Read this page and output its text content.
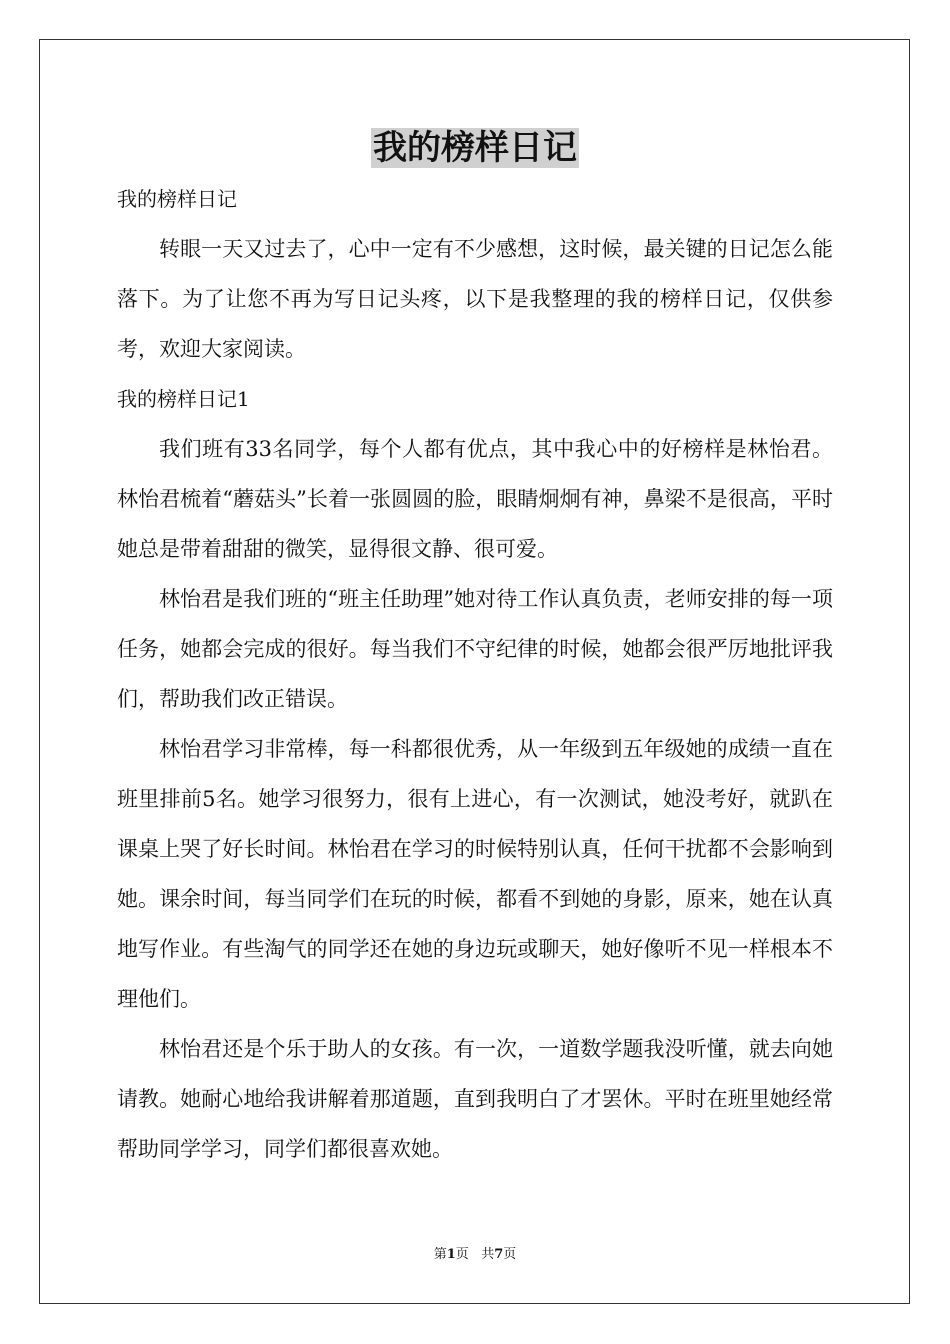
我的榜样日记

我的榜样日记

转眼一天又过去了，心中一定有不少感想，这时候，最关键的日记怎么能落下。为了让您不再为写日记头疼，以下是我整理的我的榜样日记，仅供参考，欢迎大家阅读。

我的榜样日记1

我们班有33名同学，每个人都有优点，其中我心中的好榜样是林怡君。林怡君梳着“蘑菇头”长着一张圆圆的脸，眼睛炯炯有神，鼻梁不是很高，平时她总是带着甜甜的微笑，显得很文静、很可爱。

林怡君是我们班的“班主任助理”她对待工作认真负责，老师安排的每一项任务，她都会完成的很好。每当我们不守纪律的时候，她都会很严厉地批评我们，帮助我们改正错误。

林怡君学习非常棒，每一科都很优秀，从一年级到五年级她的成绩一直在班里排前5名。她学习很努力，很有上进心，有一次测试，她没考好，就趴在课桌上哭了好长时间。林怡君在学习的时候特别认真，任何干扰都不会影响到她。课余时间，每当同学们在玩的时候，都看不到她的身影，原来，她在认真地写作业。有些淘气的同学还在她的身边玩或聊天，她好像听不见一样根本不理他们。

林怡君还是个乐于助人的女孩。有一次，一道数学题我没听懂，就去向她请教。她耐心地给我讲解着那道题，直到我明白了才罢休。平时在班里她经常帮助同学学习，同学们都很喜欢她。

第1页 共7页
